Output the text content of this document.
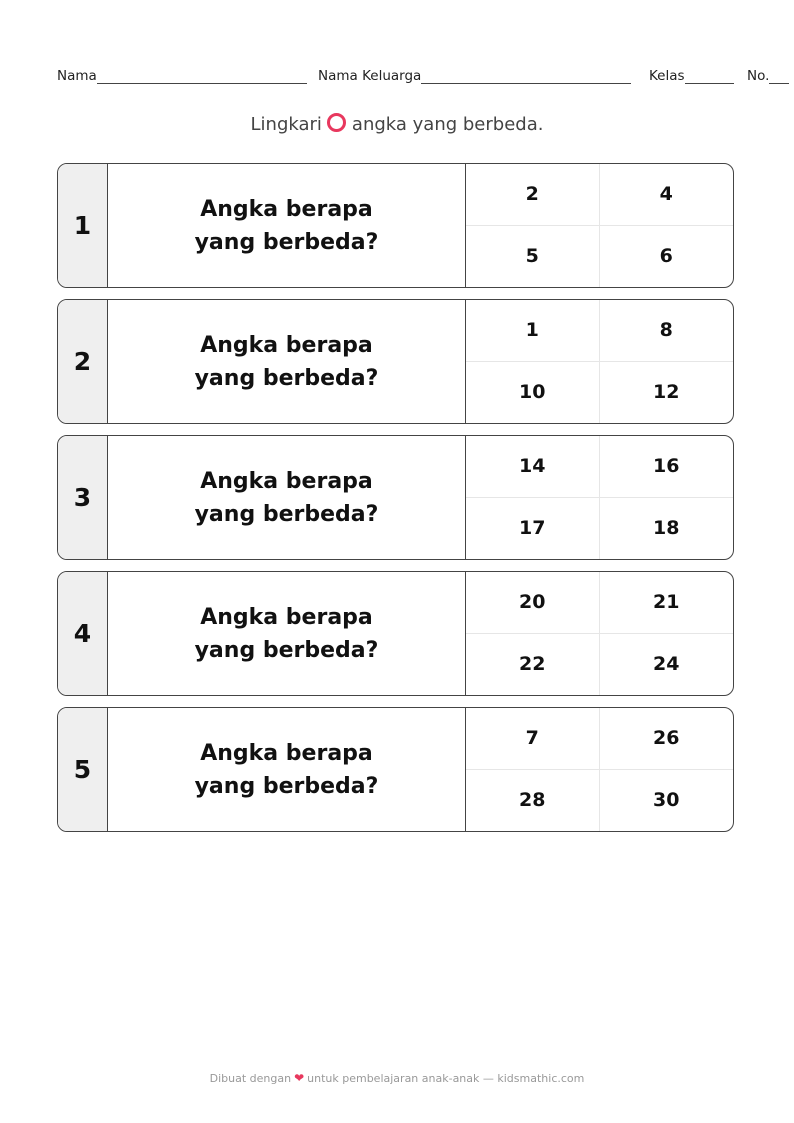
Nama	Nama Keluarga	Kelas	No.
Lingkari angka yang berbeda.
1
Angka berapa yang berbeda?
2	4
5	6
2
Angka berapa yang berbeda?
1	8
10	12
3
Angka berapa yang berbeda?
14	16
17	18
4
Angka berapa yang berbeda?
20	21
22	24
5
Angka berapa yang berbeda?
7	26
28	30
Dibuat dengan ❤ untuk pembelajaran anak-anak — kidsmathic.com
